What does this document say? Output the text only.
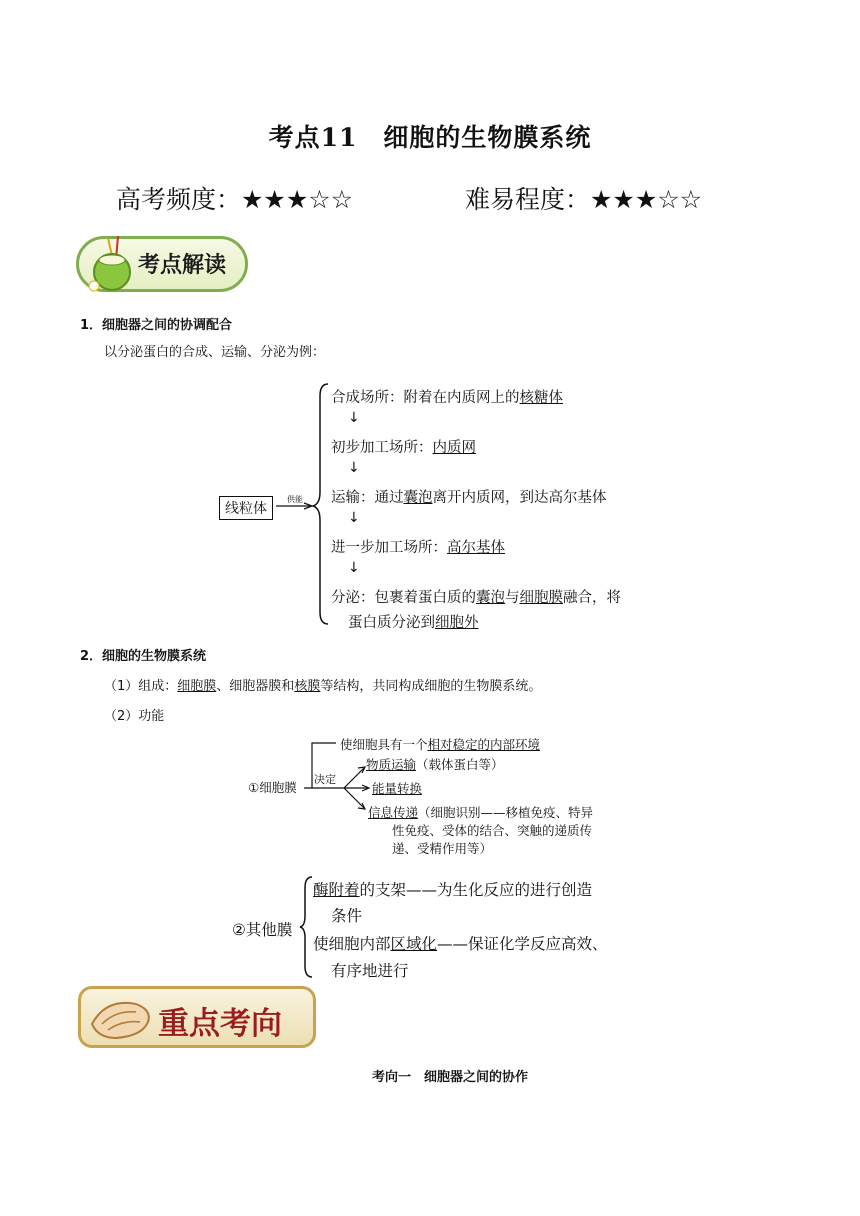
考点11　细胞的生物膜系统
高考频度：★★★☆☆	难易程度：★★★☆☆
考点解读
1．细胞器之间的协调配合
以分泌蛋白的合成、运输、分泌为例：
线粒体
供能
合成场所：附着在内质网上的核糖体
↓
初步加工场所：内质网
↓
运输：通过囊泡离开内质网，到达高尔基体
↓
进一步加工场所：高尔基体
↓
分泌：包裹着蛋白质的囊泡与细胞膜融合，将
蛋白质分泌到细胞外
2．细胞的生物膜系统
（1）组成：细胞膜、细胞器膜和核膜等结构，共同构成细胞的生物膜系统。
（2）功能
①细胞膜
决定
使细胞具有一个相对稳定的内部环境
物质运输（载体蛋白等）
能量转换
信息传递（细胞识别——移植免疫、特异
性免疫、受体的结合、突触的递质传
递、受精作用等）
②其他膜
酶附着的支架——为生化反应的进行创造
条件
使细胞内部区域化——保证化学反应高效、
有序地进行
重点考向
考向一　细胞器之间的协作
